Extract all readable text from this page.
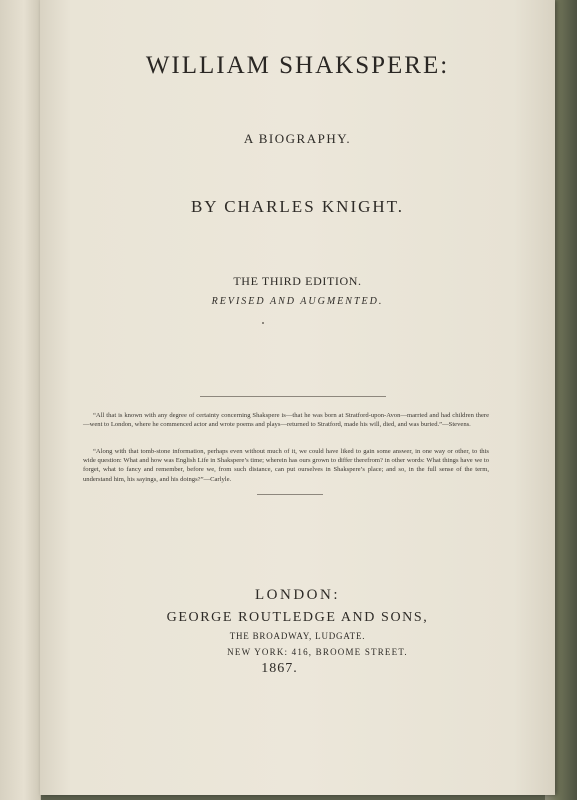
WILLIAM SHAKSPERE:
A BIOGRAPHY.
BY CHARLES KNIGHT.
THE THIRD EDITION.
REVISED AND AUGMENTED.

“All that is known with any degree of certainty concerning Shakspere is—that he was born at Stratford-upon-Avon—married and had children there—went to London, where he commenced actor and wrote poems and plays—returned to Stratford, made his will, died, and was buried.”—Stevens.

“Along with that tomb-stone information, perhaps even without much of it, we could have liked to gain some answer, in one way or other, to this wide question: What and how was English Life in Shakspere’s time; wherein has ours grown to differ therefrom? in other words: What things have we to forget, what to fancy and remember, before we, from such distance, can put ourselves in Shakspere’s place; and so, in the full sense of the term, understand him, his sayings, and his doings?”—Carlyle.

LONDON:
GEORGE ROUTLEDGE AND SONS,
THE BROADWAY, LUDGATE.
NEW YORK: 416, BROOME STREET.
1867.
